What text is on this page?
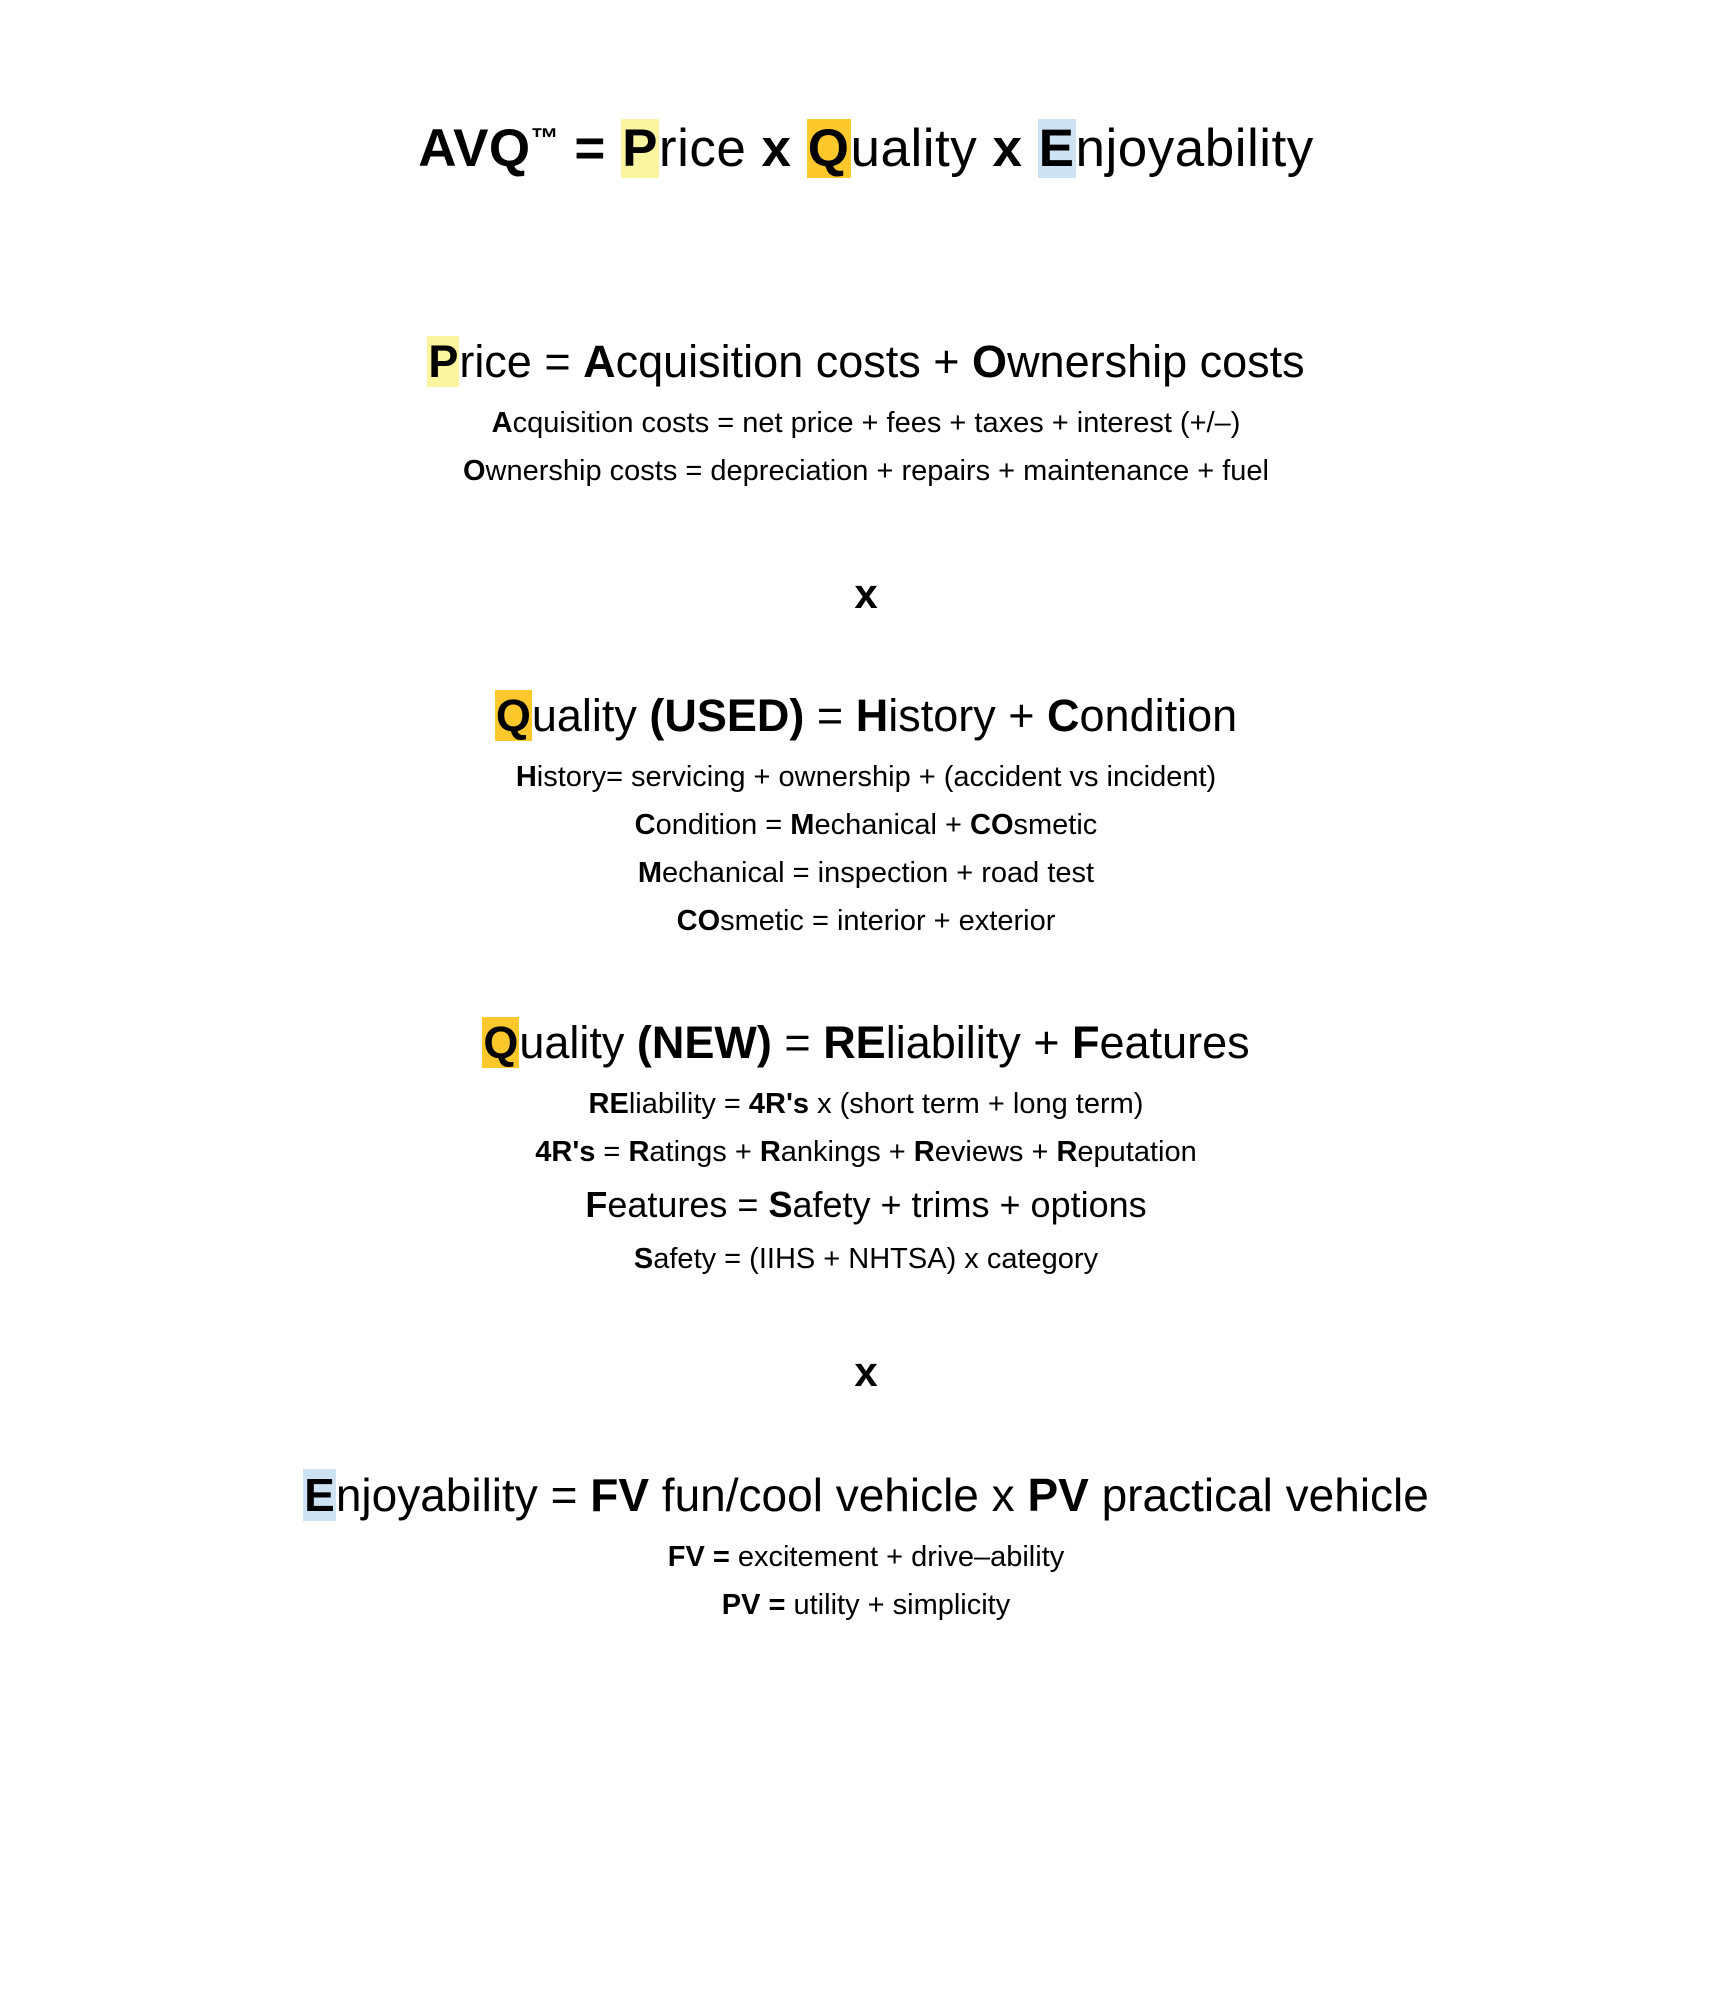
AVQ™ = Price x Quality x Enjoyability
Price = Acquisition costs + Ownership costs
Acquisition costs = net price + fees + taxes + interest (+/–)
Ownership costs = depreciation + repairs + maintenance + fuel
x
Quality (USED) = History + Condition
History= servicing + ownership + (accident vs incident)
Condition = Mechanical + COsmetic
Mechanical = inspection + road test
COsmetic = interior + exterior
Quality (NEW) = REliability + Features
REliability = 4R's x (short term + long term)
4R's = Ratings + Rankings + Reviews + Reputation
Features = Safety + trims + options
Safety = (IIHS + NHTSA) x category
x
Enjoyability = FV fun/cool vehicle x PV practical vehicle
FV = excitement + drive–ability
PV = utility + simplicity
